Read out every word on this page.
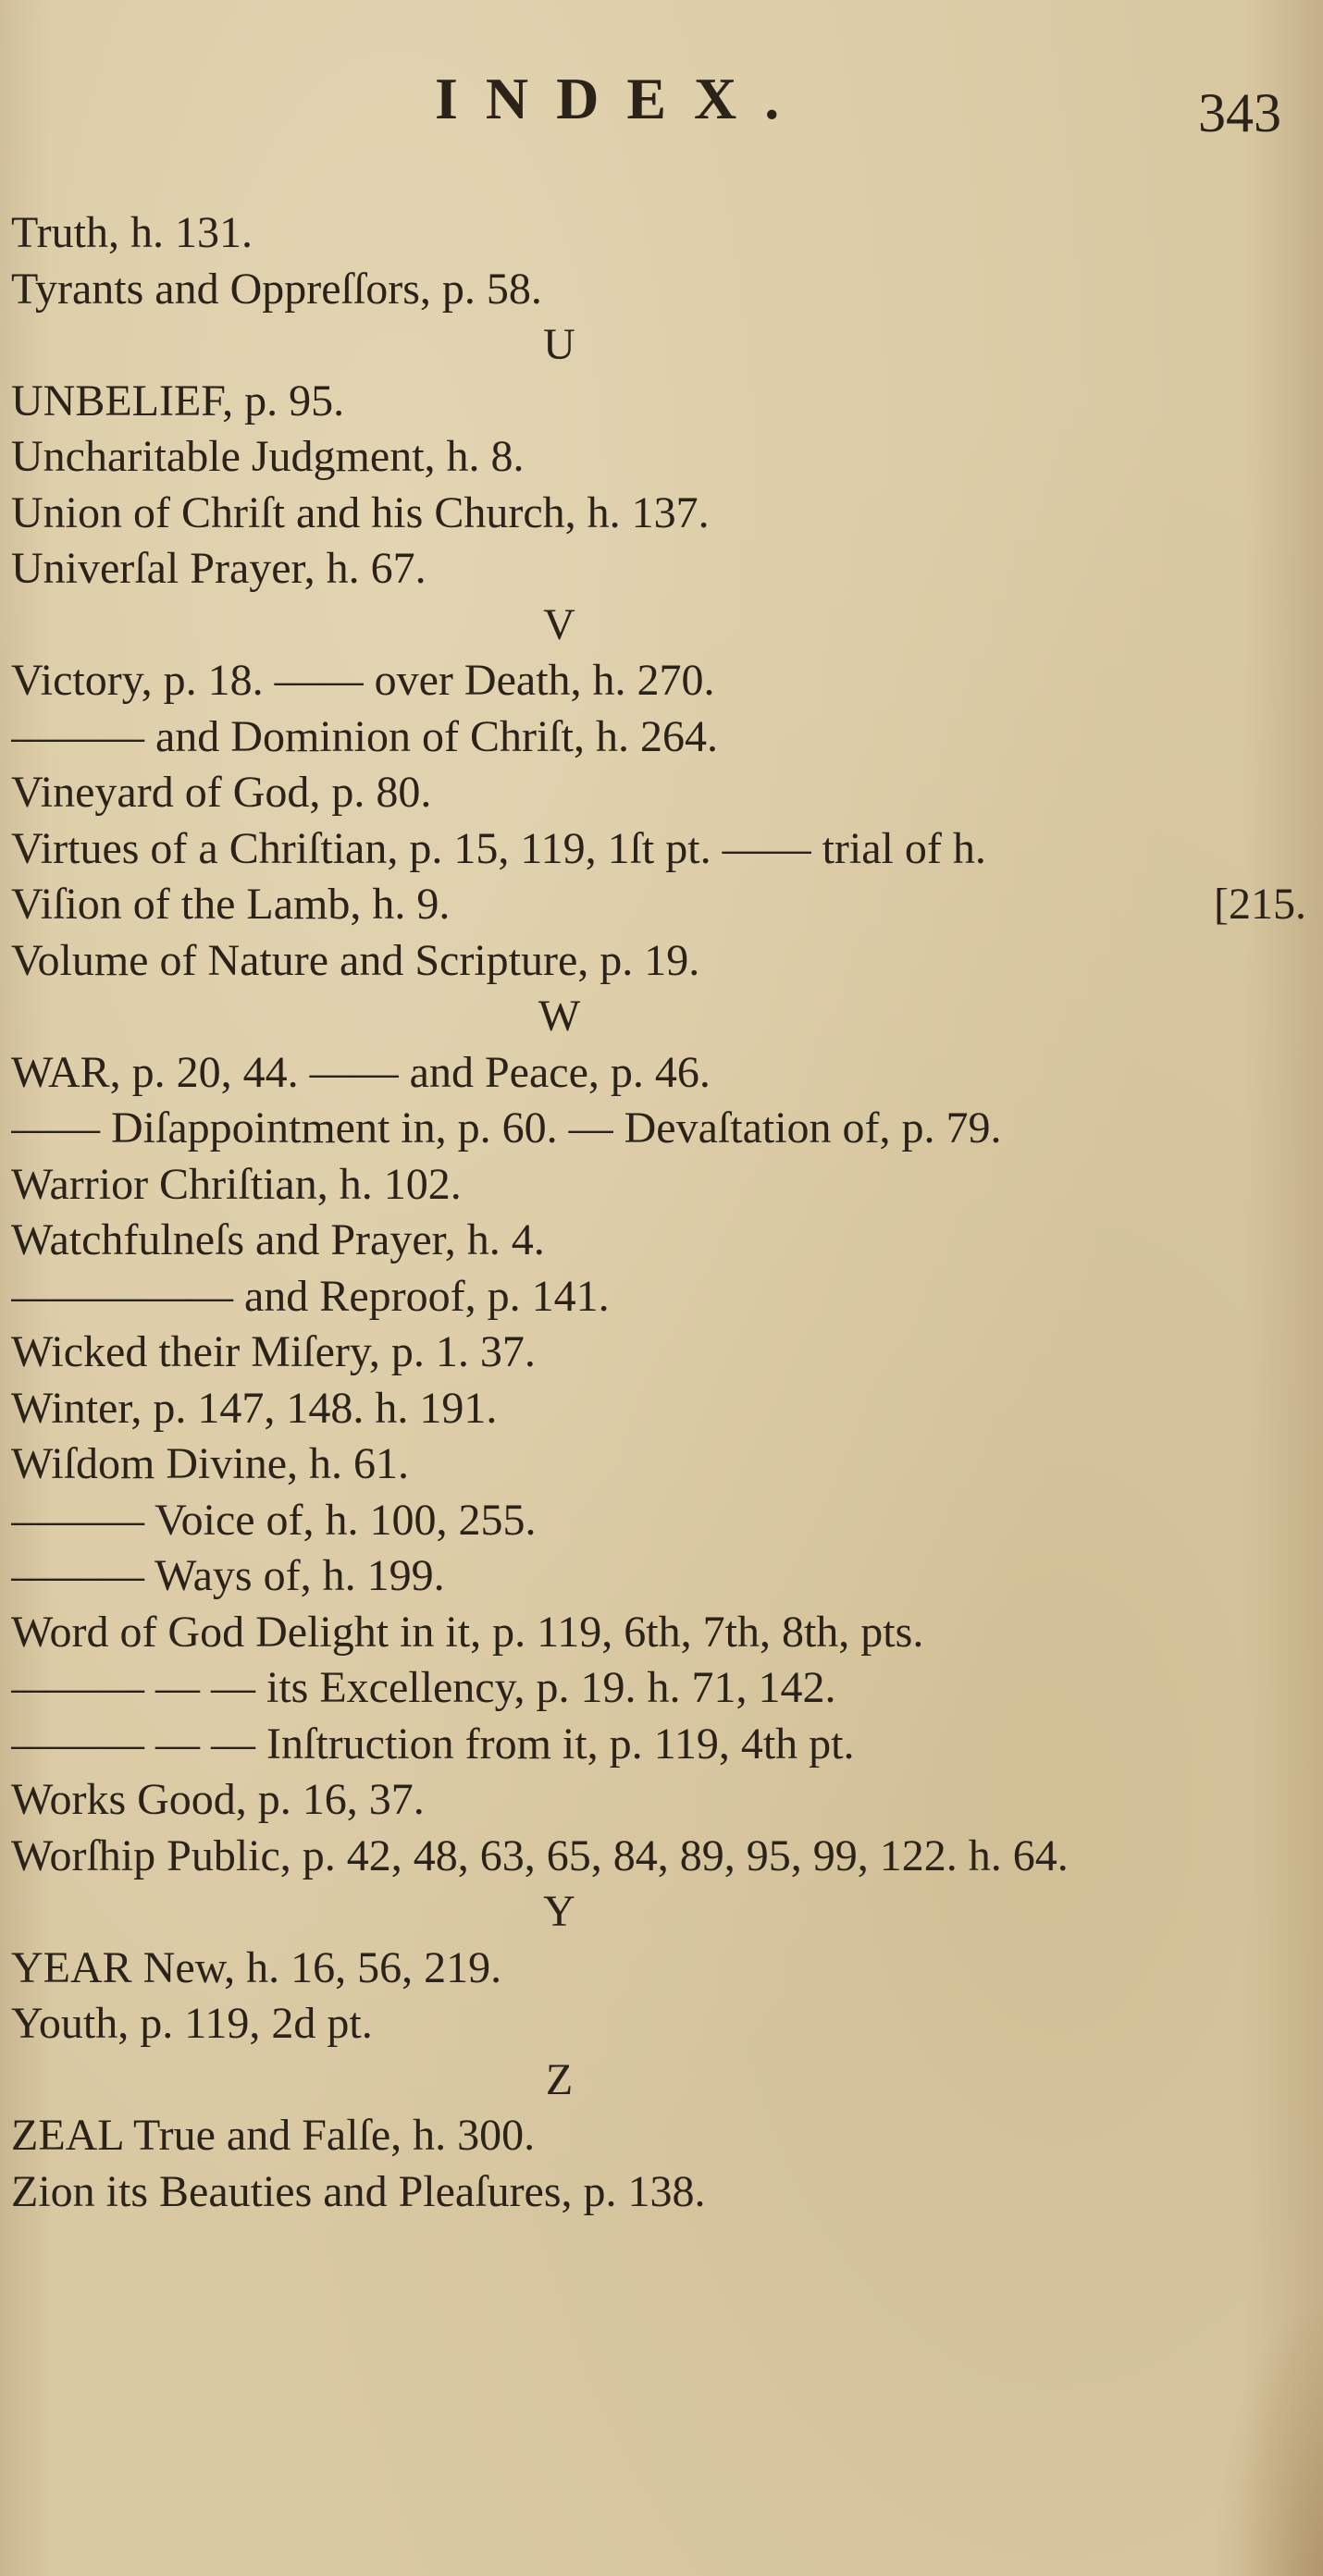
INDEX.	343
Truth, h. 131.
Tyrants and Oppreſſors, p. 58.
U
UNBELIEF, p. 95.
Uncharitable Judgment, h. 8.
Union of Chriſt and his Church, h. 137.
Univerſal Prayer, h. 67.
V
Victory, p. 18. —— over Death, h. 270.
——— and Dominion of Chriſt, h. 264.
Vineyard of God, p. 80.
Virtues of a Chriſtian, p. 15, 119, 1ſt pt. —— trial of h.
Viſion of the Lamb, h. 9.	[215.
Volume of Nature and Scripture, p. 19.
W
WAR, p. 20, 44. —— and Peace, p. 46.
—— Diſappointment in, p. 60. — Devaſtation of, p. 79.
Warrior Chriſtian, h. 102.
Watchfulneſs and Prayer, h. 4.
————— and Reproof, p. 141.
Wicked their Miſery, p. 1. 37.
Winter, p. 147, 148. h. 191.
Wiſdom Divine, h. 61.
——— Voice of, h. 100, 255.
——— Ways of, h. 199.
Word of God Delight in it, p. 119, 6th, 7th, 8th, pts.
——— — — its Excellency, p. 19. h. 71, 142.
——— — — Inſtruction from it, p. 119, 4th pt.
Works Good, p. 16, 37.
Worſhip Public, p. 42, 48, 63, 65, 84, 89, 95, 99, 122. h. 64.
Y
YEAR New, h. 16, 56, 219.
Youth, p. 119, 2d pt.
Z
ZEAL True and Falſe, h. 300.
Zion its Beauties and Pleaſures, p. 138.
